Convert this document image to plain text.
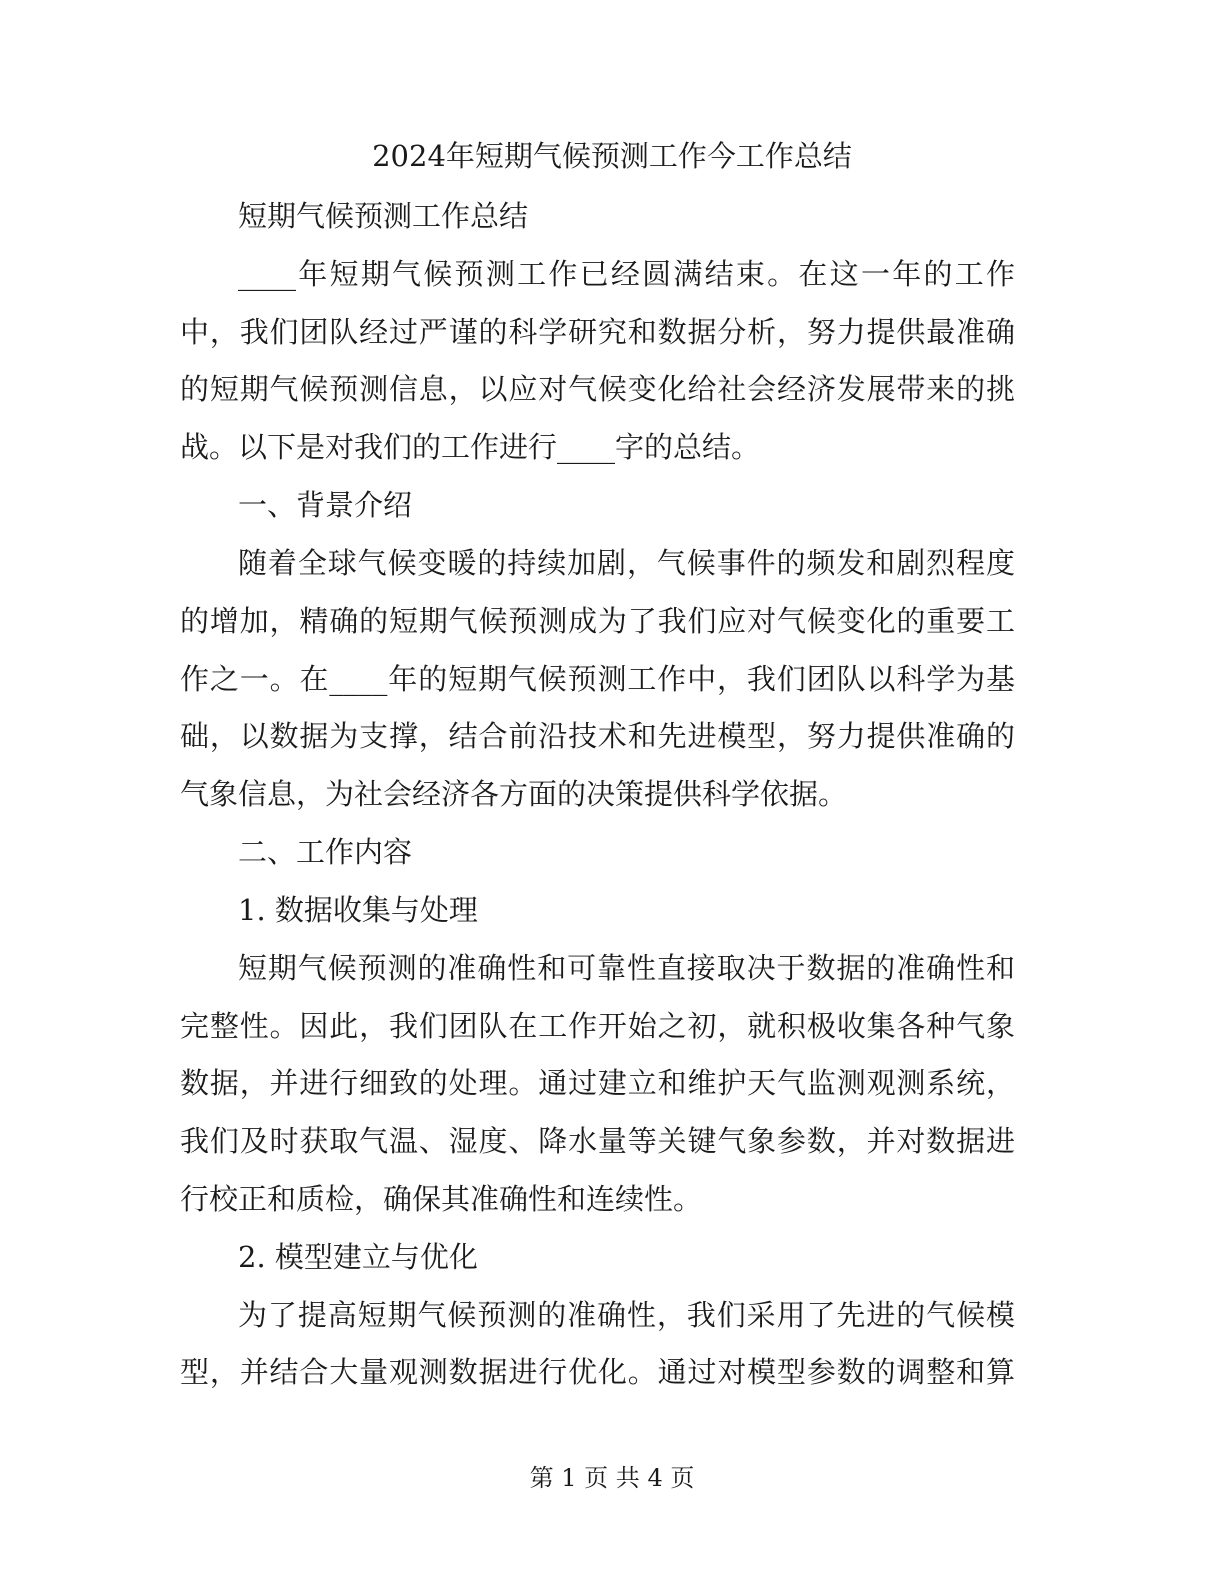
2024年短期气候预测工作今工作总结
短期气候预测工作总结
____年短期气候预测工作已经圆满结束。在这一年的工作
中，我们团队经过严谨的科学研究和数据分析，努力提供最准确
的短期气候预测信息，以应对气候变化给社会经济发展带来的挑
战。以下是对我们的工作进行____字的总结。
一、背景介绍
随着全球气候变暖的持续加剧，气候事件的频发和剧烈程度
的增加，精确的短期气候预测成为了我们应对气候变化的重要工
作之一。在____年的短期气候预测工作中，我们团队以科学为基
础，以数据为支撑，结合前沿技术和先进模型，努力提供准确的
气象信息，为社会经济各方面的决策提供科学依据。
二、工作内容
1. 数据收集与处理
短期气候预测的准确性和可靠性直接取决于数据的准确性和
完整性。因此，我们团队在工作开始之初，就积极收集各种气象
数据，并进行细致的处理。通过建立和维护天气监测观测系统，
我们及时获取气温、湿度、降水量等关键气象参数，并对数据进
行校正和质检，确保其准确性和连续性。
2. 模型建立与优化
为了提高短期气候预测的准确性，我们采用了先进的气候模
型，并结合大量观测数据进行优化。通过对模型参数的调整和算
第 1 页 共 4 页
